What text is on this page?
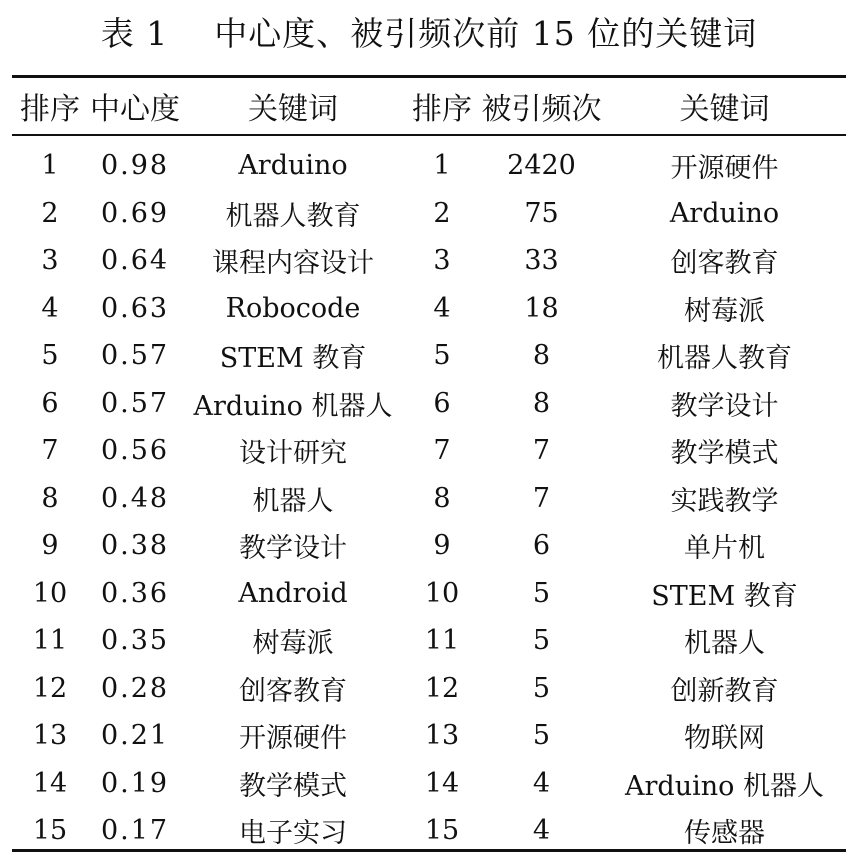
表 1    中心度、被引频次前 15 位的关键词
排序	中心度	关键词	排序	被引频次	关键词
1	0.98	Arduino	1	2420	开源硬件
2	0.69	机器人教育	2	75	Arduino
3	0.64	课程内容设计	3	33	创客教育
4	0.63	Robocode	4	18	树莓派
5	0.57	STEM 教育	5	8	机器人教育
6	0.57	Arduino 机器人	6	8	教学设计
7	0.56	设计研究	7	7	教学模式
8	0.48	机器人	8	7	实践教学
9	0.38	教学设计	9	6	单片机
10	0.36	Android	10	5	STEM 教育
11	0.35	树莓派	11	5	机器人
12	0.28	创客教育	12	5	创新教育
13	0.21	开源硬件	13	5	物联网
14	0.19	教学模式	14	4	Arduino 机器人
15	0.17	电子实习	15	4	传感器
